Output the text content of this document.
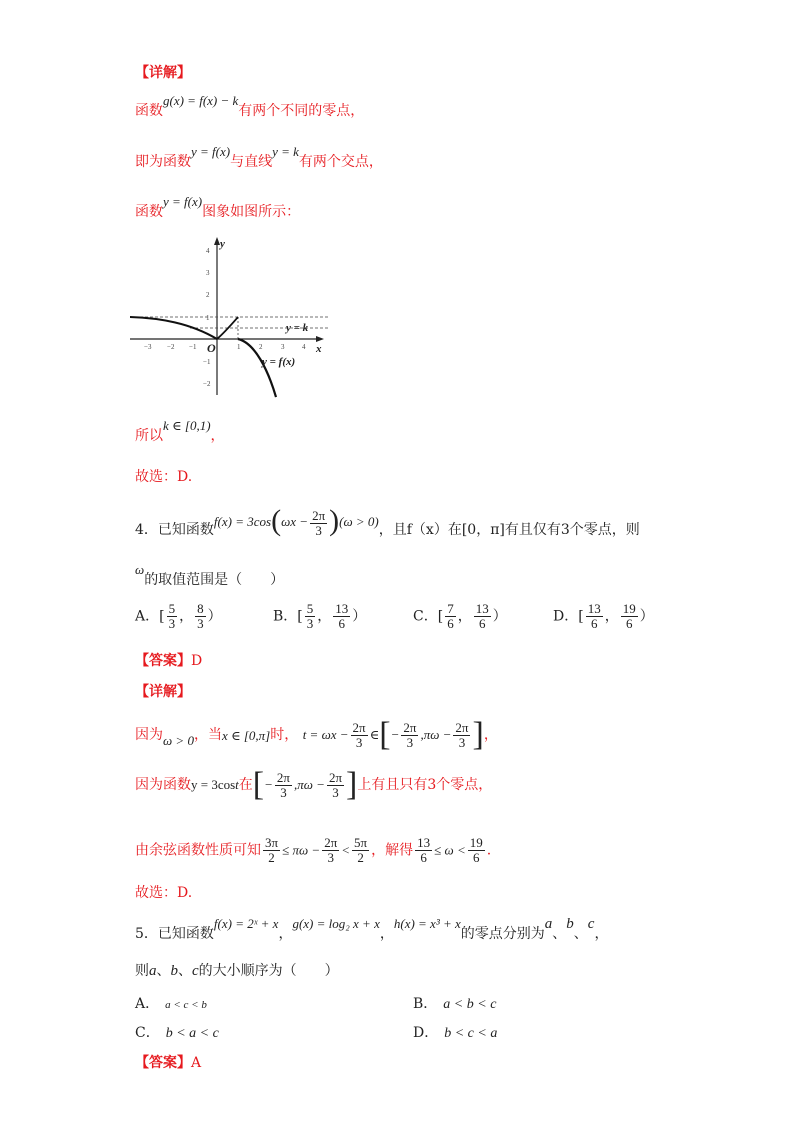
【详解】
函数g(x) = f(x) − k有两个不同的零点，
即为函数y = f(x)与直线y = k有两个交点，
函数y = f(x)图象如图所示：
y
x
O
−3 −2 −1	1	2	3	4
4
3
2
1
−1
−2
y = k
y = f(x)
所以k ∈ [0,1)，
故选：D.
4．已知函数$f(x) = 3\cos(\omega x - \frac{2\pi}{3} )(\omega > 0)$，且f（x）在[0，π]有且仅有3个零点，则
ω的取值范围是（　　）
A．[ $\frac{5}{3}$ ， $\frac{8}{3}$ ）	B．[ $\frac{5}{3}$ ， $\frac{13}{6}$ ）	C．[ $\frac{7}{6}$ ， $\frac{13}{6}$ ）	D．[ $\frac{13}{6}$ ， $\frac{19}{6}$ ）
【答案】D
【详解】
因为ω > 0，当x ∈ [0,π]时， $t = \omega x - \frac{2\pi}{3}$ ∈[− $\frac{2\pi}{3} ,\pi\omega - \frac{2\pi}{3}$ ]，
因为函数y = 3cost在[− $\frac{2\pi}{3} ,\pi\omega - \frac{2\pi}{3}$ ]上有且只有3个零点，
由余弦函数性质可知 $\frac{3\pi}{2} \le \pi\omega - \frac{2\pi}{3} < \frac{5\pi}{2}$ ，解得 $\frac{13}{6} \le \omega < \frac{19}{6}$ .
故选：D.
5．已知函数f(x) = 2ˣ + x，g(x) = log₂ x + x，h(x) = x³ + x的零点分别为a、b、c，
则a、b、c的大小顺序为（　　）
A． a < c < b	B． a < b < c
C． b < a < c	D． b < c < a
【答案】A
